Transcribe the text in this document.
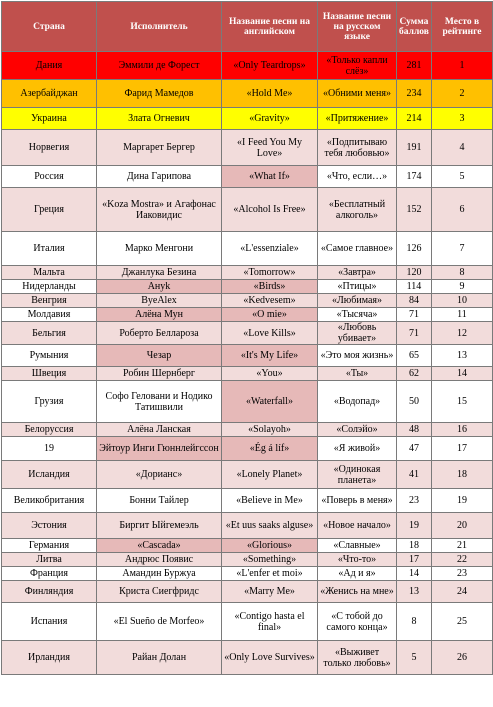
Страна	Исполнитель	Название песни на английском	Название песни на русском языке	Сумма баллов	Место в рейтинге
Дания	Эммили де Форест	«Only Teardrops»	«Только капли слёз»	281	1
Азербайджан	Фарид Мамедов	«Hold Me»	«Обними меня»	234	2
Украина	Злата Огневич	«Gravity»	«Притяжение»	214	3
Норвегия	Маргарет Бергер	«I Feed You My Love»	«Подпитываю тебя любовью»	191	4
Россия	Дина Гарипова	«What If»	«Что, если…»	174	5
Греция	«Koza Mostra» и Агафонас Иаковидис	«Alcohol Is Free»	«Бесплатный алкоголь»	152	6
Италия	Марко Менгони	«L'essenziale»	«Самое главное»	126	7
Мальта	Джанлука Безина	«Tomorrow»	«Завтра»	120	8
Нидерланды	Ануk	«Birds»	«Птицы»	114	9
Венгрия	ByeAlex	«Kedvesem»	«Любимая»	84	10
Молдавия	Алёна Мун	«O mie»	«Тысяча»	71	11
Бельгия	Роберто Беллароза	«Love Kills»	«Любовь убивает»	71	12
Румыния	Чезар	«It's My Life»	«Это моя жизнь»	65	13
Швеция	Робин Шернберг	«You»	«Ты»	62	14
Грузия	Софо Геловани и Нодико Татишвили	«Waterfall»	«Водопад»	50	15
Белоруссия	Алёна Ланская	«Solayoh»	«Солэйо»	48	16
19	Эйтоур Инги Гюннлейгссон	«Ég á líf»	«Я живой»	47	17
Исландия	«Дорианс»	«Lonely Planet»	«Одинокая планета»	41	18
Великобритания	Бонни Тайлер	«Believe in Me»	«Поверь в меня»	23	19
Эстония	Биргит Ыйгемеэль	«Et uus saaks alguse»	«Новое начало»	19	20
Германия	«Cascada»	«Glorious»	«Славные»	18	21
Литва	Андрюс Появис	«Something»	«Что-то»	17	22
Франция	Амандин Буржуа	«L'enfer et moi»	«Ад и я»	14	23
Финляндия	Криста Сиегфридс	«Marry Me»	«Женись на мне»	13	24
Испания	«El Sueño de Morfeo»	«Contigo hasta el final»	«С тобой до самого конца»	8	25
Ирландия	Райан Долан	«Only Love Survives»	«Выживет только любовь»	5	26
